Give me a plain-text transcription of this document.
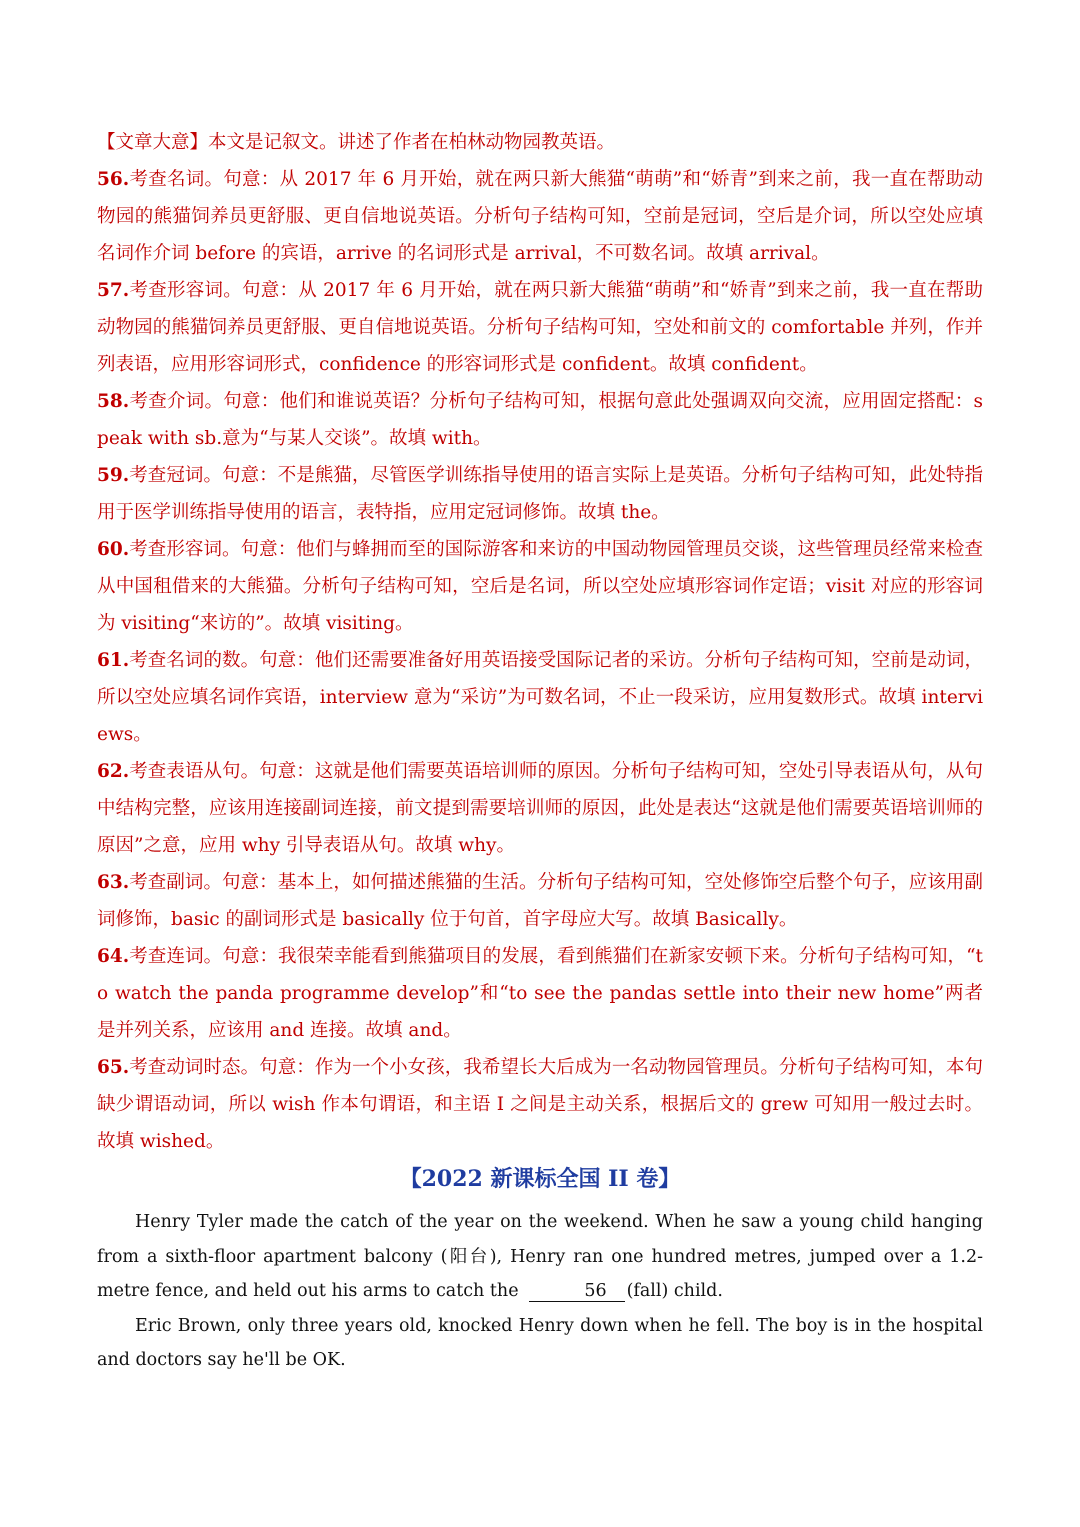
【文章大意】本文是记叙文。讲述了作者在柏林动物园教英语。

56.考查名词。句意：从 2017 年 6 月开始，就在两只新大熊猫“萌萌”和“娇青”到来之前，我一直在帮助动物园的熊猫饲养员更舒服、更自信地说英语。分析句子结构可知，空前是冠词，空后是介词，所以空处应填名词作介词 before 的宾语，arrive 的名词形式是 arrival，不可数名词。故填 arrival。

57.考查形容词。句意：从 2017 年 6 月开始，就在两只新大熊猫“萌萌”和“娇青”到来之前，我一直在帮助动物园的熊猫饲养员更舒服、更自信地说英语。分析句子结构可知，空处和前文的 comfortable 并列，作并列表语，应用形容词形式，confidence 的形容词形式是 confident。故填 confident。

58.考查介词。句意：他们和谁说英语？分析句子结构可知，根据句意此处强调双向交流，应用固定搭配：speak with sb.意为“与某人交谈”。故填 with。

59.考查冠词。句意：不是熊猫，尽管医学训练指导使用的语言实际上是英语。分析句子结构可知，此处特指用于医学训练指导使用的语言，表特指，应用定冠词修饰。故填 the。

60.考查形容词。句意：他们与蜂拥而至的国际游客和来访的中国动物园管理员交谈，这些管理员经常来检查从中国租借来的大熊猫。分析句子结构可知，空后是名词，所以空处应填形容词作定语；visit 对应的形容词为 visiting“来访的”。故填 visiting。

61.考查名词的数。句意：他们还需要准备好用英语接受国际记者的采访。分析句子结构可知，空前是动词，所以空处应填名词作宾语，interview 意为“采访”为可数名词，不止一段采访，应用复数形式。故填 interviews。

62.考查表语从句。句意：这就是他们需要英语培训师的原因。分析句子结构可知，空处引导表语从句，从句中结构完整，应该用连接副词连接，前文提到需要培训师的原因，此处是表达“这就是他们需要英语培训师的原因”之意，应用 why 引导表语从句。故填 why。

63.考查副词。句意：基本上，如何描述熊猫的生活。分析句子结构可知，空处修饰空后整个句子，应该用副词修饰，basic 的副词形式是 basically 位于句首，首字母应大写。故填 Basically。

64.考查连词。句意：我很荣幸能看到熊猫项目的发展，看到熊猫们在新家安顿下来。分析句子结构可知，“to watch the panda programme develop”和“to see the pandas settle into their new home”两者是并列关系，应该用 and 连接。故填 and。

65.考查动词时态。句意：作为一个小女孩，我希望长大后成为一名动物园管理员。分析句子结构可知，本句缺少谓语动词，所以 wish 作本句谓语，和主语 I 之间是主动关系，根据后文的 grew 可知用一般过去时。故填 wished。

【2022 新课标全国 II 卷】

Henry Tyler made the catch of the year on the weekend. When he saw a young child hanging from a sixth-floor apartment balcony (阳台), Henry ran one hundred metres, jumped over a 1.2-metre fence, and held out his arms to catch the	56 (fall) child.

Eric Brown, only three years old, knocked Henry down when he fell. The boy is in the hospital and doctors say he'll be OK.
